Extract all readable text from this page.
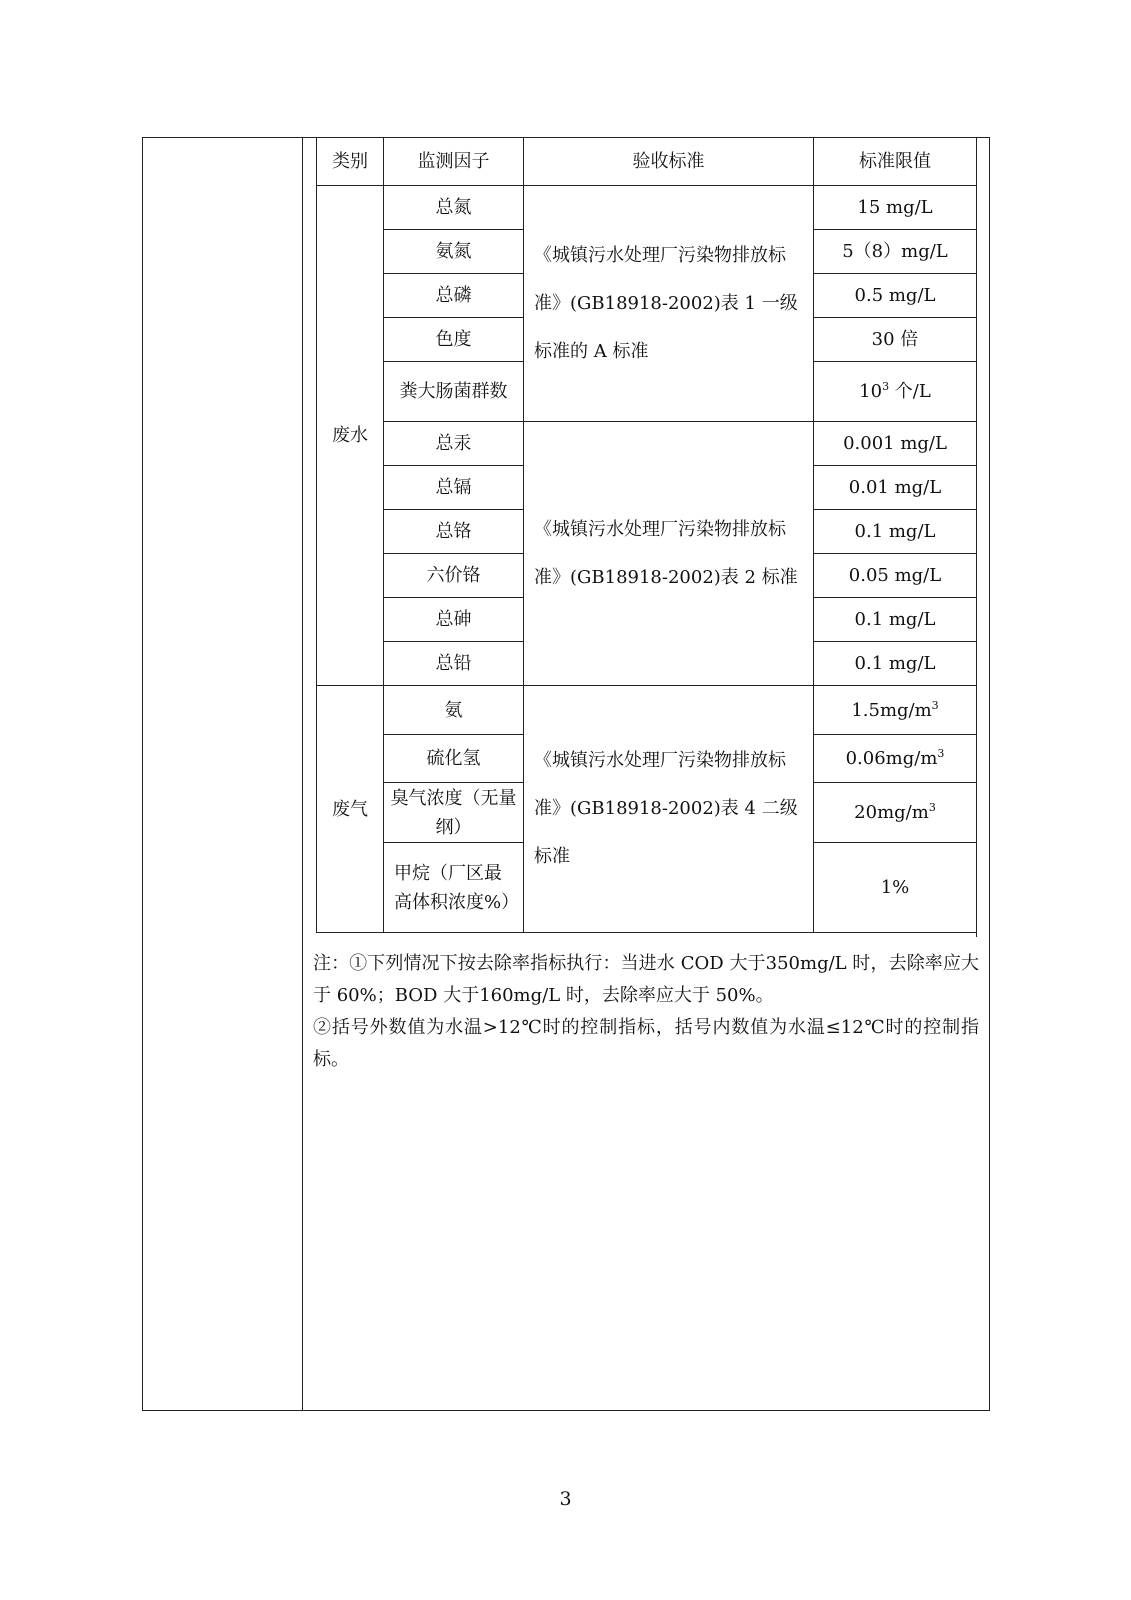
类别	监测因子	验收标准	标准限值
废水	总氮	《城镇污水处理厂污染物排放标准》(GB18918-2002)表 1 一级标准的 A 标准	15 mg/L
	氨氮		5（8）mg/L
	总磷		0.5 mg/L
	色度		30 倍
	粪大肠菌群数		$10^3$ 个/L
	总汞	《城镇污水处理厂污染物排放标准》(GB18918-2002)表 2 标准	0.001 mg/L
	总镉		0.01 mg/L
	总铬		0.1 mg/L
	六价铬		0.05 mg/L
	总砷		0.1 mg/L
	总铅		0.1 mg/L
废气	氨	《城镇污水处理厂污染物排放标准》(GB18918-2002)表 4 二级标准	$1.5mg/m^3$
	硫化氢		$0.06mg/m^3$
	臭气浓度（无量纲）		$20mg/m^3$
	甲烷（厂区最高体积浓度%）		1%

注：①下列情况下按去除率指标执行：当进水 COD 大于350mg/L 时，去除率应大于 60%；BOD 大于160mg/L 时，去除率应大于 50%。

②括号外数值为水温>12℃时的控制指标，括号内数值为水温≤12℃时的控制指标。

3
